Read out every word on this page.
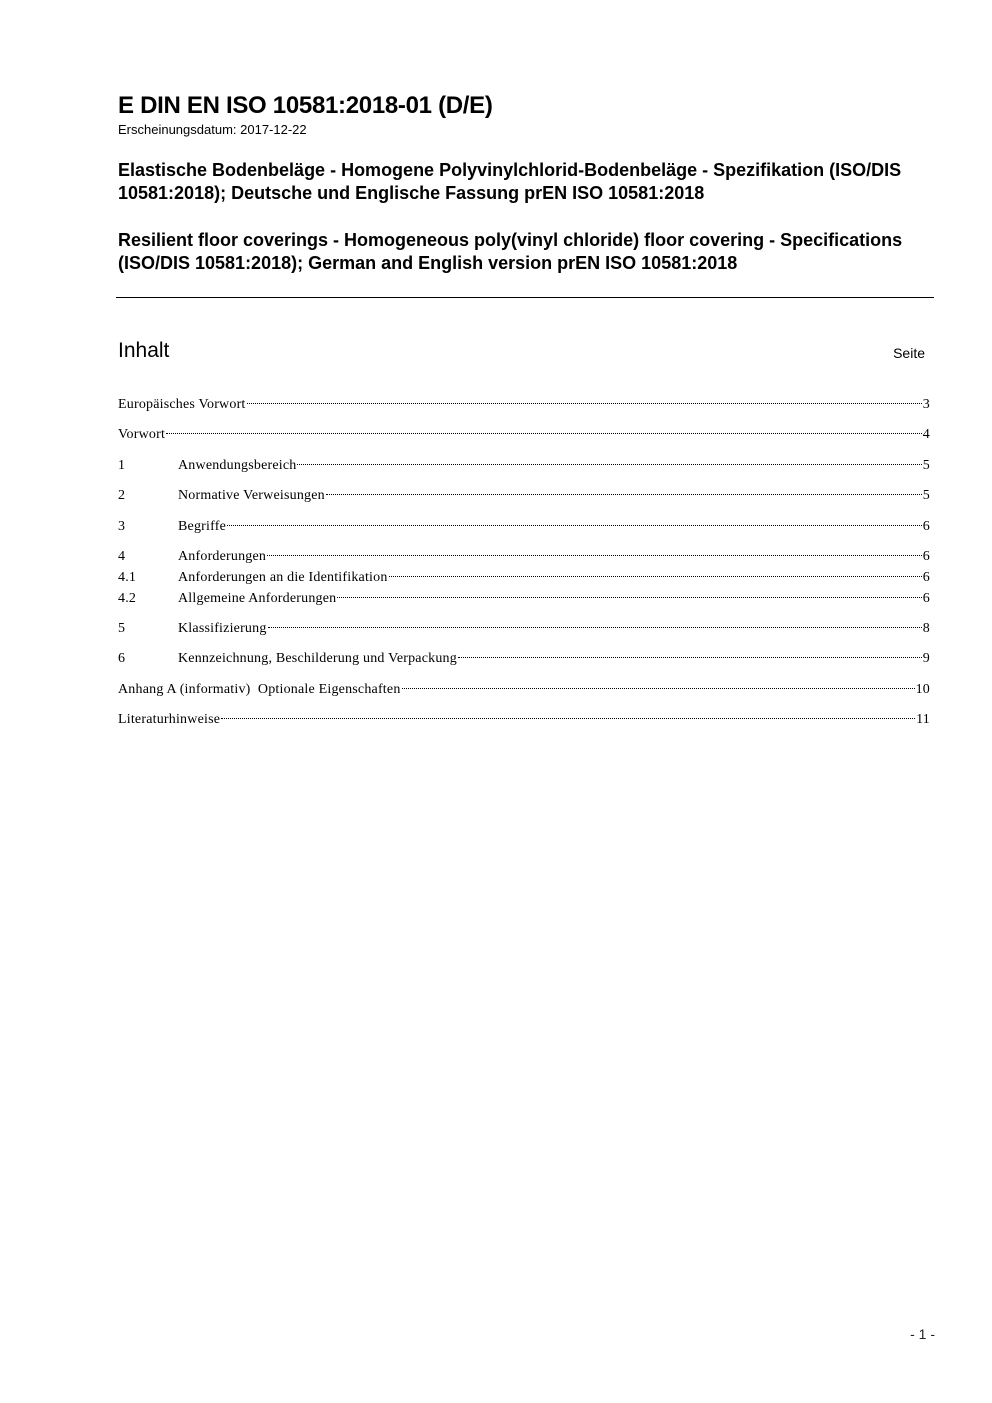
E DIN EN ISO 10581:2018-01 (D/E)
Erscheinungsdatum: 2017-12-22
Elastische Bodenbeläge - Homogene Polyvinylchlorid-Bodenbeläge - Spezifikation (ISO/DIS 10581:2018); Deutsche und Englische Fassung prEN ISO 10581:2018
Resilient floor coverings - Homogeneous poly(vinyl chloride) floor covering - Specifications (ISO/DIS 10581:2018); German and English version prEN ISO 10581:2018
Inhalt	Seite
Europäisches Vorwort	3
Vorwort	4
1	Anwendungsbereich	5
2	Normative Verweisungen	5
3	Begriffe	6
4	Anforderungen	6
4.1	Anforderungen an die Identifikation	6
4.2	Allgemeine Anforderungen	6
5	Klassifizierung	8
6	Kennzeichnung, Beschilderung und Verpackung	9
Anhang A (informativ)  Optionale Eigenschaften	10
Literaturhinweise	11
- 1 -
